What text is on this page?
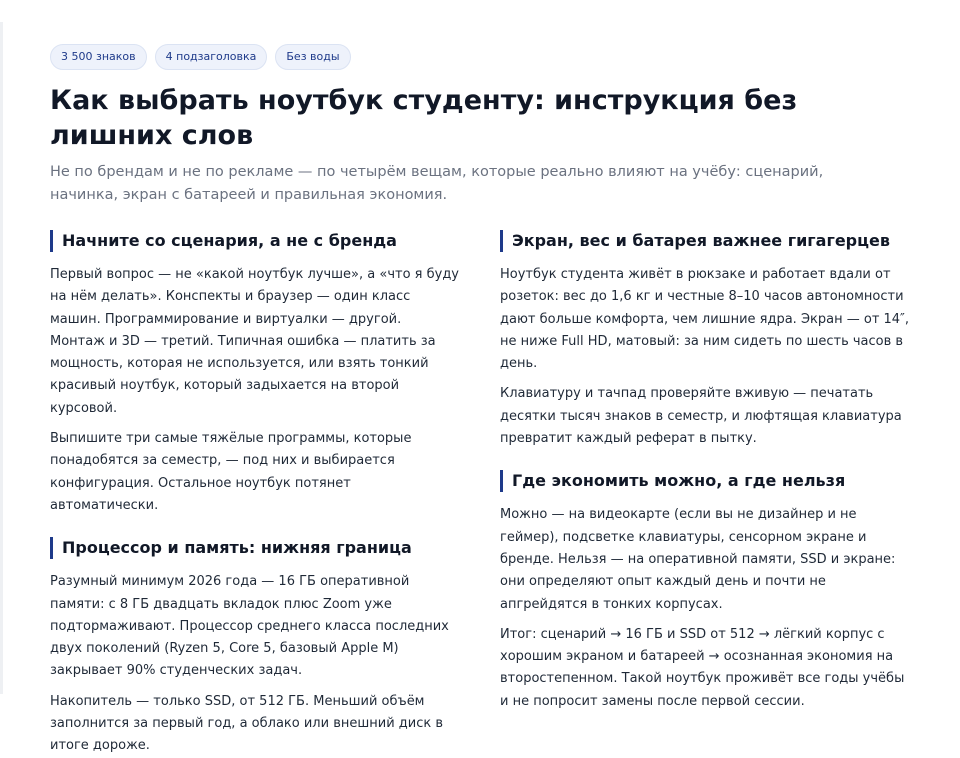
3 500 знаков	4 подзаголовка	Без воды
Как выбрать ноутбук студенту: инструкция без лишних слов

Не по брендам и не по рекламе — по четырём вещам, которые реально влияют на учёбу: сценарий, начинка, экран с батареей и правильная экономия.

Начните со сценария, а не с бренда

Первый вопрос — не «какой ноутбук лучше», а «что я буду на нём делать». Конспекты и браузер — один класс машин. Программирование и виртуалки — другой. Монтаж и 3D — третий. Типичная ошибка — платить за мощность, которая не используется, или взять тонкий красивый ноутбук, который задыхается на второй курсовой.

Выпишите три самые тяжёлые программы, которые понадобятся за семестр, — под них и выбирается конфигурация. Остальное ноутбук потянет автоматически.

Процессор и память: нижняя граница

Разумный минимум 2026 года — 16 ГБ оперативной памяти: с 8 ГБ двадцать вкладок плюс Zoom уже подтормаживают. Процессор среднего класса последних двух поколений (Ryzen 5, Core 5, базовый Apple M) закрывает 90% студенческих задач.

Накопитель — только SSD, от 512 ГБ. Меньший объём заполнится за первый год, а облако или внешний диск в итоге дороже.

Экран, вес и батарея важнее гигагерцев

Ноутбук студента живёт в рюкзаке и работает вдали от розеток: вес до 1,6 кг и честные 8–10 часов автономности дают больше комфорта, чем лишние ядра. Экран — от 14″, не ниже Full HD, матовый: за ним сидеть по шесть часов в день.

Клавиатуру и тачпад проверяйте вживую — печатать десятки тысяч знаков в семестр, и люфтящая клавиатура превратит каждый реферат в пытку.

Где экономить можно, а где нельзя

Можно — на видеокарте (если вы не дизайнер и не геймер), подсветке клавиатуры, сенсорном экране и бренде. Нельзя — на оперативной памяти, SSD и экране: они определяют опыт каждый день и почти не апгрейдятся в тонких корпусах.

Итог: сценарий → 16 ГБ и SSD от 512 → лёгкий корпус с хорошим экраном и батареей → осознанная экономия на второстепенном. Такой ноутбук проживёт все годы учёбы и не попросит замены после первой сессии.
